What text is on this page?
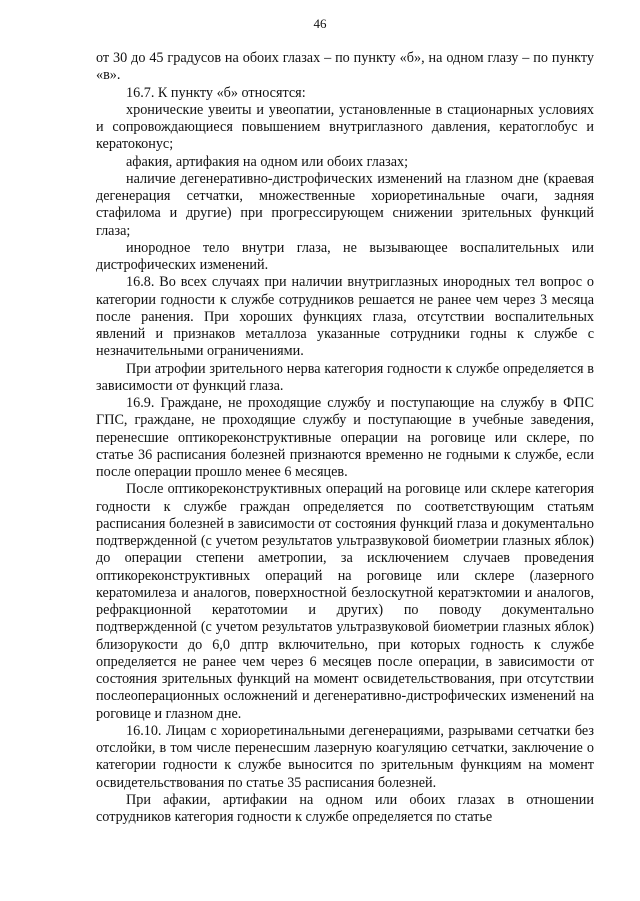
46

от 30 до 45 градусов на обоих глазах – по пункту «б», на одном глазу – по пункту «в».

16.7. К пункту «б» относятся:

хронические увеиты и увеопатии, установленные в стационарных условиях и сопровождающиеся повышением внутриглазного давления, кератоглобус и кератоконус;

афакия, артифакия на одном или обоих глазах;

наличие дегенеративно-дистрофических изменений на глазном дне (краевая дегенерация сетчатки, множественные хориоретинальные очаги, задняя стафилома и другие) при прогрессирующем снижении зрительных функций глаза;

инородное тело внутри глаза, не вызывающее воспалительных или дистрофических изменений.

16.8. Во всех случаях при наличии внутриглазных инородных тел вопрос о категории годности к службе сотрудников решается не ранее чем через 3 месяца после ранения. При хороших функциях глаза, отсутствии воспалительных явлений и признаков металлоза указанные сотрудники годны к службе с незначительными ограничениями.

При атрофии зрительного нерва категория годности к службе определяется в зависимости от функций глаза.

16.9. Граждане, не проходящие службу и поступающие на службу в ФПС ГПС, граждане, не проходящие службу и поступающие в учебные заведения, перенесшие оптикореконструктивные операции на роговице или склере, по статье 36 расписания болезней признаются временно не годными к службе, если после операции прошло менее 6 месяцев.

После оптикореконструктивных операций на роговице или склере категория годности к службе граждан определяется по соответствующим статьям расписания болезней в зависимости от состояния функций глаза и документально подтвержденной (с учетом результатов ультразвуковой биометрии глазных яблок) до операции степени аметропии, за исключением случаев проведения оптикореконструктивных операций на роговице или склере (лазерного кератомилеза и аналогов, поверхностной безлоскутной кератэктомии и аналогов, рефракционной кератотомии и других) по поводу документально подтвержденной (с учетом результатов ультразвуковой биометрии глазных яблок) близорукости до 6,0 дптр включительно, при которых годность к службе определяется не ранее чем через 6 месяцев после операции, в зависимости от состояния зрительных функций на момент освидетельствования, при отсутствии послеоперационных осложнений и дегенеративно-дистрофических изменений на роговице и глазном дне.

16.10. Лицам с хориоретинальными дегенерациями, разрывами сетчатки без отслойки, в том числе перенесшим лазерную коагуляцию сетчатки, заключение о категории годности к службе выносится по зрительным функциям на момент освидетельствования по статье 35 расписания болезней.

При афакии, артифакии на одном или обоих глазах в отношении сотрудников категория годности к службе определяется по статье
